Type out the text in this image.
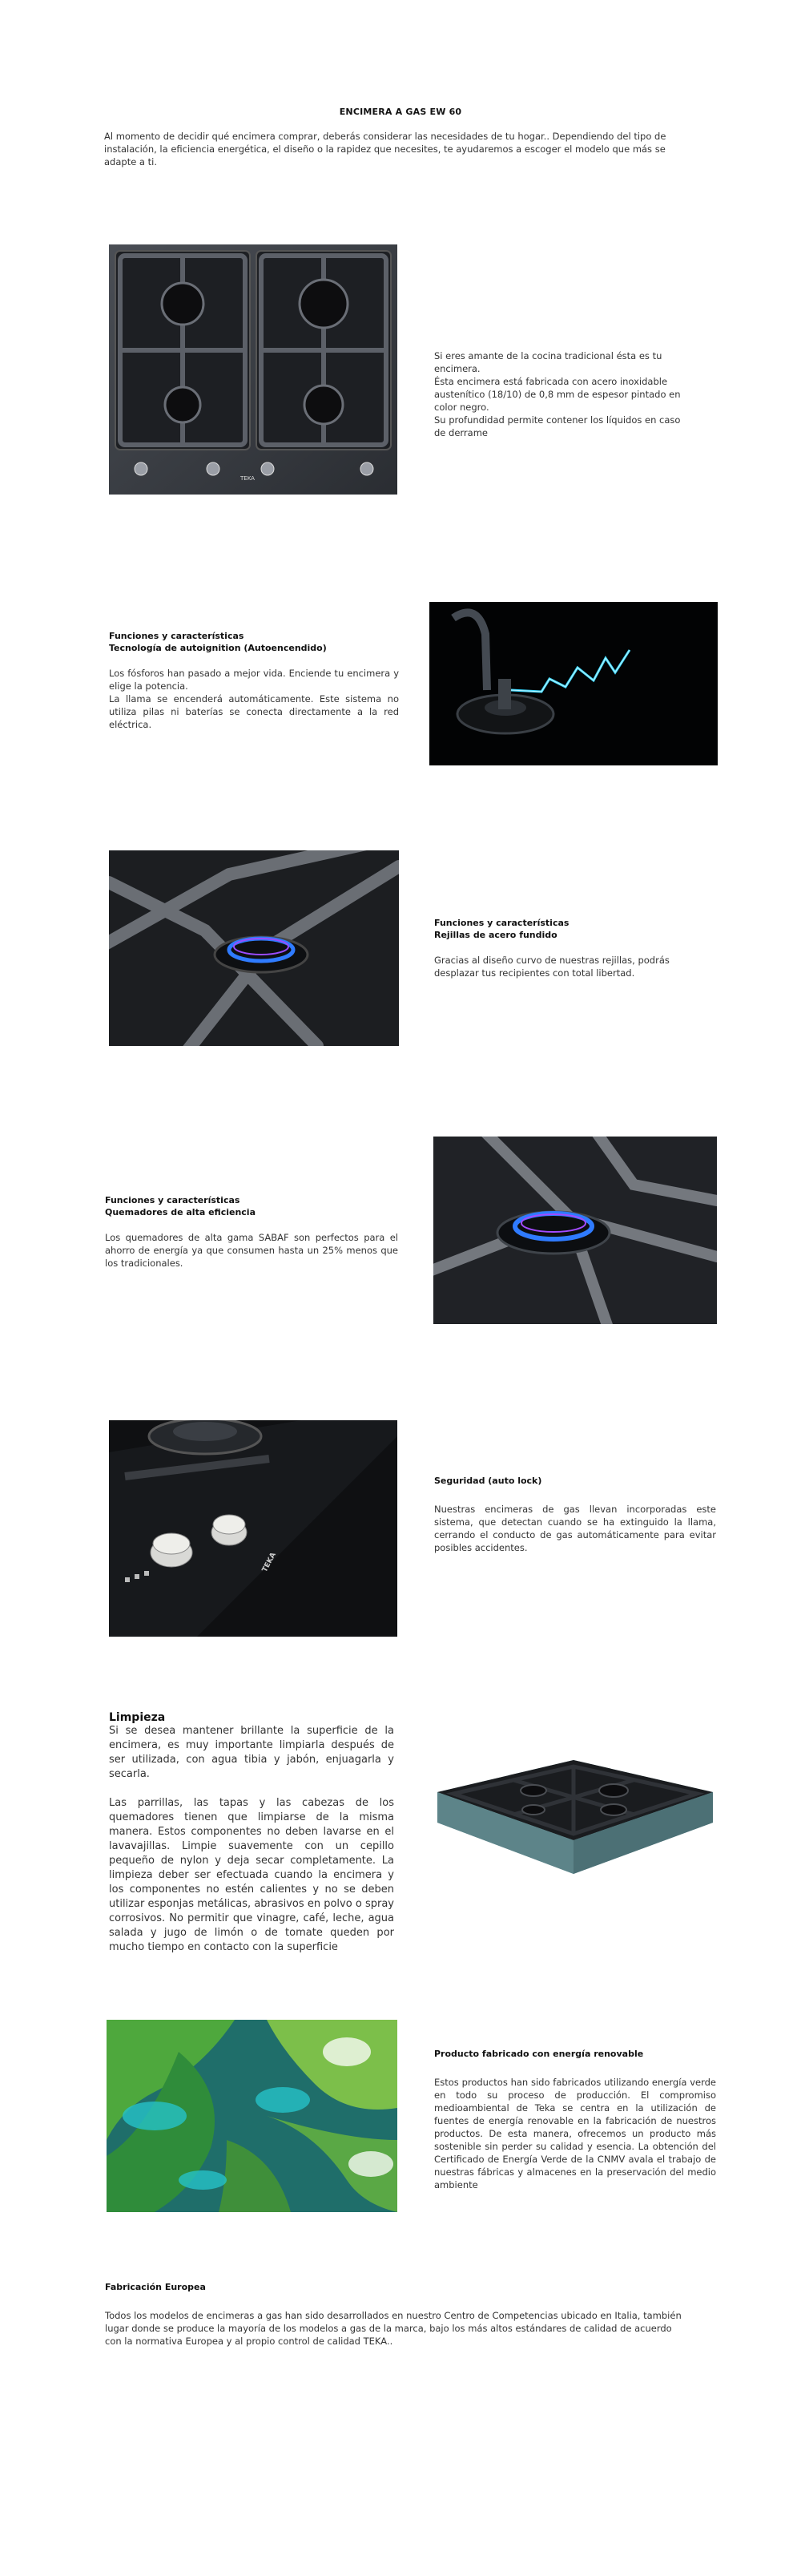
ENCIMERA A GAS EW 60
Al momento de decidir qué encimera comprar, deberás considerar las necesidades de tu hogar.. Dependiendo del tipo de instalación, la eficiencia energética, el diseño o la rapidez que necesites, te ayudaremos a escoger el modelo que más se adapte a ti.
TEKA
Si eres amante de la cocina tradicional ésta es tu encimera.
Ésta encimera está fabricada con acero inoxidable austenítico (18/10) de 0,8 mm de espesor pintado en color negro.
Su profundidad permite contener los líquidos en caso de derrame
Funciones y características
Tecnología de autoignition (Autoencendido)
Los fósforos han pasado a mejor vida. Enciende tu encimera y elige la potencia.
La llama se encenderá automáticamente. Este sistema no utiliza pilas ni baterías se conecta directamente a la red eléctrica.
Funciones y características
Rejillas de acero fundido
Gracias al diseño curvo de nuestras rejillas, podrás desplazar tus recipientes con total libertad.
Funciones y características
Quemadores de alta eficiencia
Los quemadores de alta gama SABAF son perfectos para el ahorro de energía ya que consumen hasta un 25% menos que los tradicionales.
TEKA
Seguridad (auto lock)
Nuestras encimeras de gas llevan incorporadas este sistema, que detectan cuando se ha extinguido la llama, cerrando el conducto de gas automáticamente para evitar posibles accidentes.
Limpieza
Si se desea mantener brillante la superficie de la encimera, es muy importante limpiarla después de ser utilizada, con agua tibia y jabón, enjuagarla y secarla.
Las parrillas, las tapas y las cabezas de los quemadores tienen que limpiarse de la misma manera. Estos componentes no deben lavarse en el lavavajillas. Limpie suavemente con un cepillo pequeño de nylon y deja secar completamente. La limpieza deber ser efectuada cuando la encimera y los componentes no estén calientes y no se deben utilizar esponjas metálicas, abrasivos en polvo o spray corrosivos. No permitir que vinagre, café, leche, agua salada y jugo de limón o de tomate queden por mucho tiempo en contacto con la superficie
Producto fabricado con energía renovable
Estos productos han sido fabricados utilizando energía verde en todo su proceso de producción. El compromiso medioambiental de Teka se centra en la utilización de fuentes de energía renovable en la fabricación de nuestros productos. De esta manera, ofrecemos un producto más sostenible sin perder su calidad y esencia. La obtención del Certificado de Energía Verde de la CNMV avala el trabajo de nuestras fábricas y almacenes en la preservación del medio ambiente
Fabricación Europea
Todos los modelos de encimeras a gas han sido desarrollados en nuestro Centro de Competencias ubicado en Italia, también lugar donde se produce la mayoría de los modelos a gas de la marca, bajo los más altos estándares de calidad de acuerdo con la normativa Europea y al propio control de calidad TEKA..
